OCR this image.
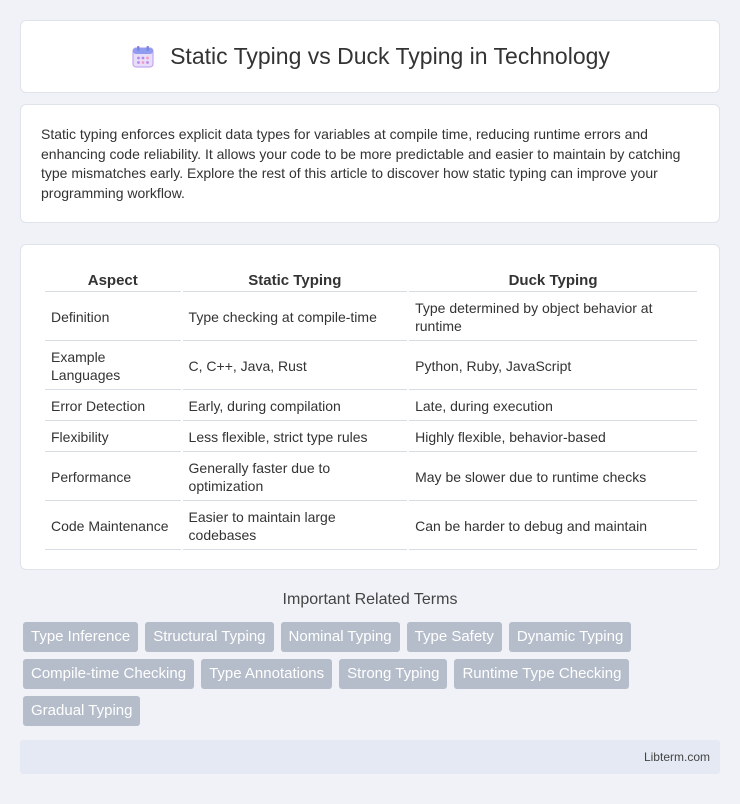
Static Typing vs Duck Typing in Technology

Static typing enforces explicit data types for variables at compile time, reducing runtime errors and enhancing code reliability. It allows your code to be more predictable and easier to maintain by catching type mismatches early. Explore the rest of this article to discover how static typing can improve your programming workflow.

Aspect	Static Typing	Duck Typing
Definition	Type checking at compile-time	Type determined by object behavior at runtime
Example Languages	C, C++, Java, Rust	Python, Ruby, JavaScript
Error Detection	Early, during compilation	Late, during execution
Flexibility	Less flexible, strict type rules	Highly flexible, behavior-based
Performance	Generally faster due to optimization	May be slower due to runtime checks
Code Maintenance	Easier to maintain large codebases	Can be harder to debug and maintain
Important Related Terms
Type Inference	Structural Typing	Nominal Typing	Type Safety	Dynamic Typing
Compile-time Checking	Type Annotations	Strong Typing	Runtime Type Checking
Gradual Typing
Libterm.com
